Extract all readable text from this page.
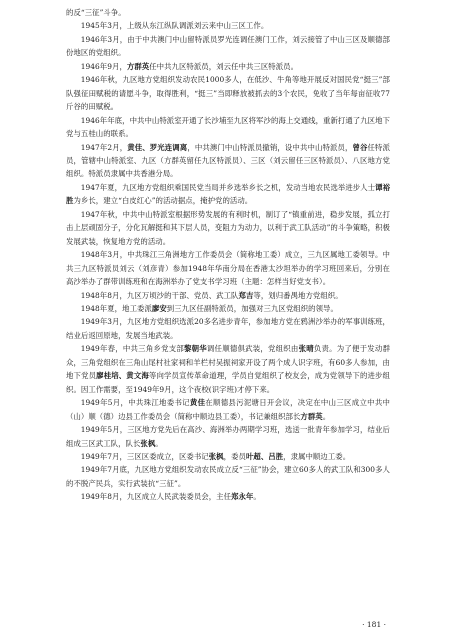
的反“三征”斗争。

1945年3月，上级从东江纵队调派刘云来中山三区工作。

1946年3月，由于中共澳门中山留特派员罗光连调任澳门工作，刘云接管了中山三区及顺德部份地区的党组织。

1946年9月，方群英任中共九区特派员，刘云任中共三区特派员。

1946年秋，九区地方党组织发动农民1000多人，在低沙、牛角等地开展反对国民党“挺三”部队强征田赋税的请愿斗争，取得胜利，“挺三”当即释放被抓去的3个农民，免收了当年每亩征收77斤谷的田赋税。

1946年年底，中共中山特派室开通了长沙埔至九区将军沙的海上交通线，重新打通了九区地下党与五桂山的联系。

1947年2月，黄佳、罗光连调离，中共澳门中山特派员撤销，设中共中山特派员，曾谷任特派员，管辖中山特派室、九区（方群英留任九区特派员）、三区（刘云留任三区特派员）、八区地方党组织。特派员隶属中共香港分局。

1947年夏，九区地方党组织乘国民党当局并乡选举乡长之机，发动当地农民选举进步人士谭裕胜为乡长，建立“白皮红心”的活动据点，掩护党的活动。

1947年秋，中共中山特派室根据形势发展的有利时机，制订了“镇重前进，稳步发展，孤立打击上层顽固分子，分化瓦解挺和其下层人员，变阻力为动力，以利于武工队活动”的斗争策略，积极发展武装，恢复地方党的活动。

1948年3月，中共珠江三角洲地方工作委员会（简称地工委）成立，三九区属地工委领导。中共三九区特派员刘云（刘彦青）参加1948年华南分局在香港太沙坦举办的学习班回来后，分别在高沙举办了群带训练班和在海洲举办了党支书学习班（主题：怎样当好党支书）。

1948年8月，九区万顷沙的干部、党员、武工队郑吉等，划归番禺地方党组织。

1948年夏，地工委派廖安到三九区任副特派员，加强对三九区党组织的领导。

1949年3月，九区地方党组织选派20多名进步青年，参加地方党在鸦洲沙举办的军事训练班，结业后返回原地，发展当地武装。

1949年春，中共三角乡党支部黎朝华调任顺德俱武装，党组织由张晴负责。为了便于发动群众，三角党组织在三角山尾村社家祠和羊栏村吴振祠家开设了两个成人识字班，有60多人参加，由地下党员廖桂培、黄文海等向学员宣传革命道理，学员自觉组织了校友会，成为党领导下的进步组织。因工作需要，至1949年9月，这个夜校(识字班)才停下来。

1949年5月，中共珠江地委书记黄佳在顺德县污泥塘日开会议，决定在中山三区成立中共中（山）顺（德）边县工作委员会（简称中顺边县工委），书记兼组织部长方群英。

1949年5月，三区地方党先后在高沙、海洲举办两期学习班，选送一批青年参加学习，结业后组成三区武工队，队长张枫。

1949年7月，三区区委成立，区委书记张枫，委员叶超、吕胜，隶属中顺边工委。

1949年7月底，九区地方党组织发动农民成立反“三征”协会，建立60多人的武工队和300多人的不脱产民兵，实行武装抗“三征”。

1949年8月，九区成立人民武装委员会，主任郑永年。

· 181 ·
